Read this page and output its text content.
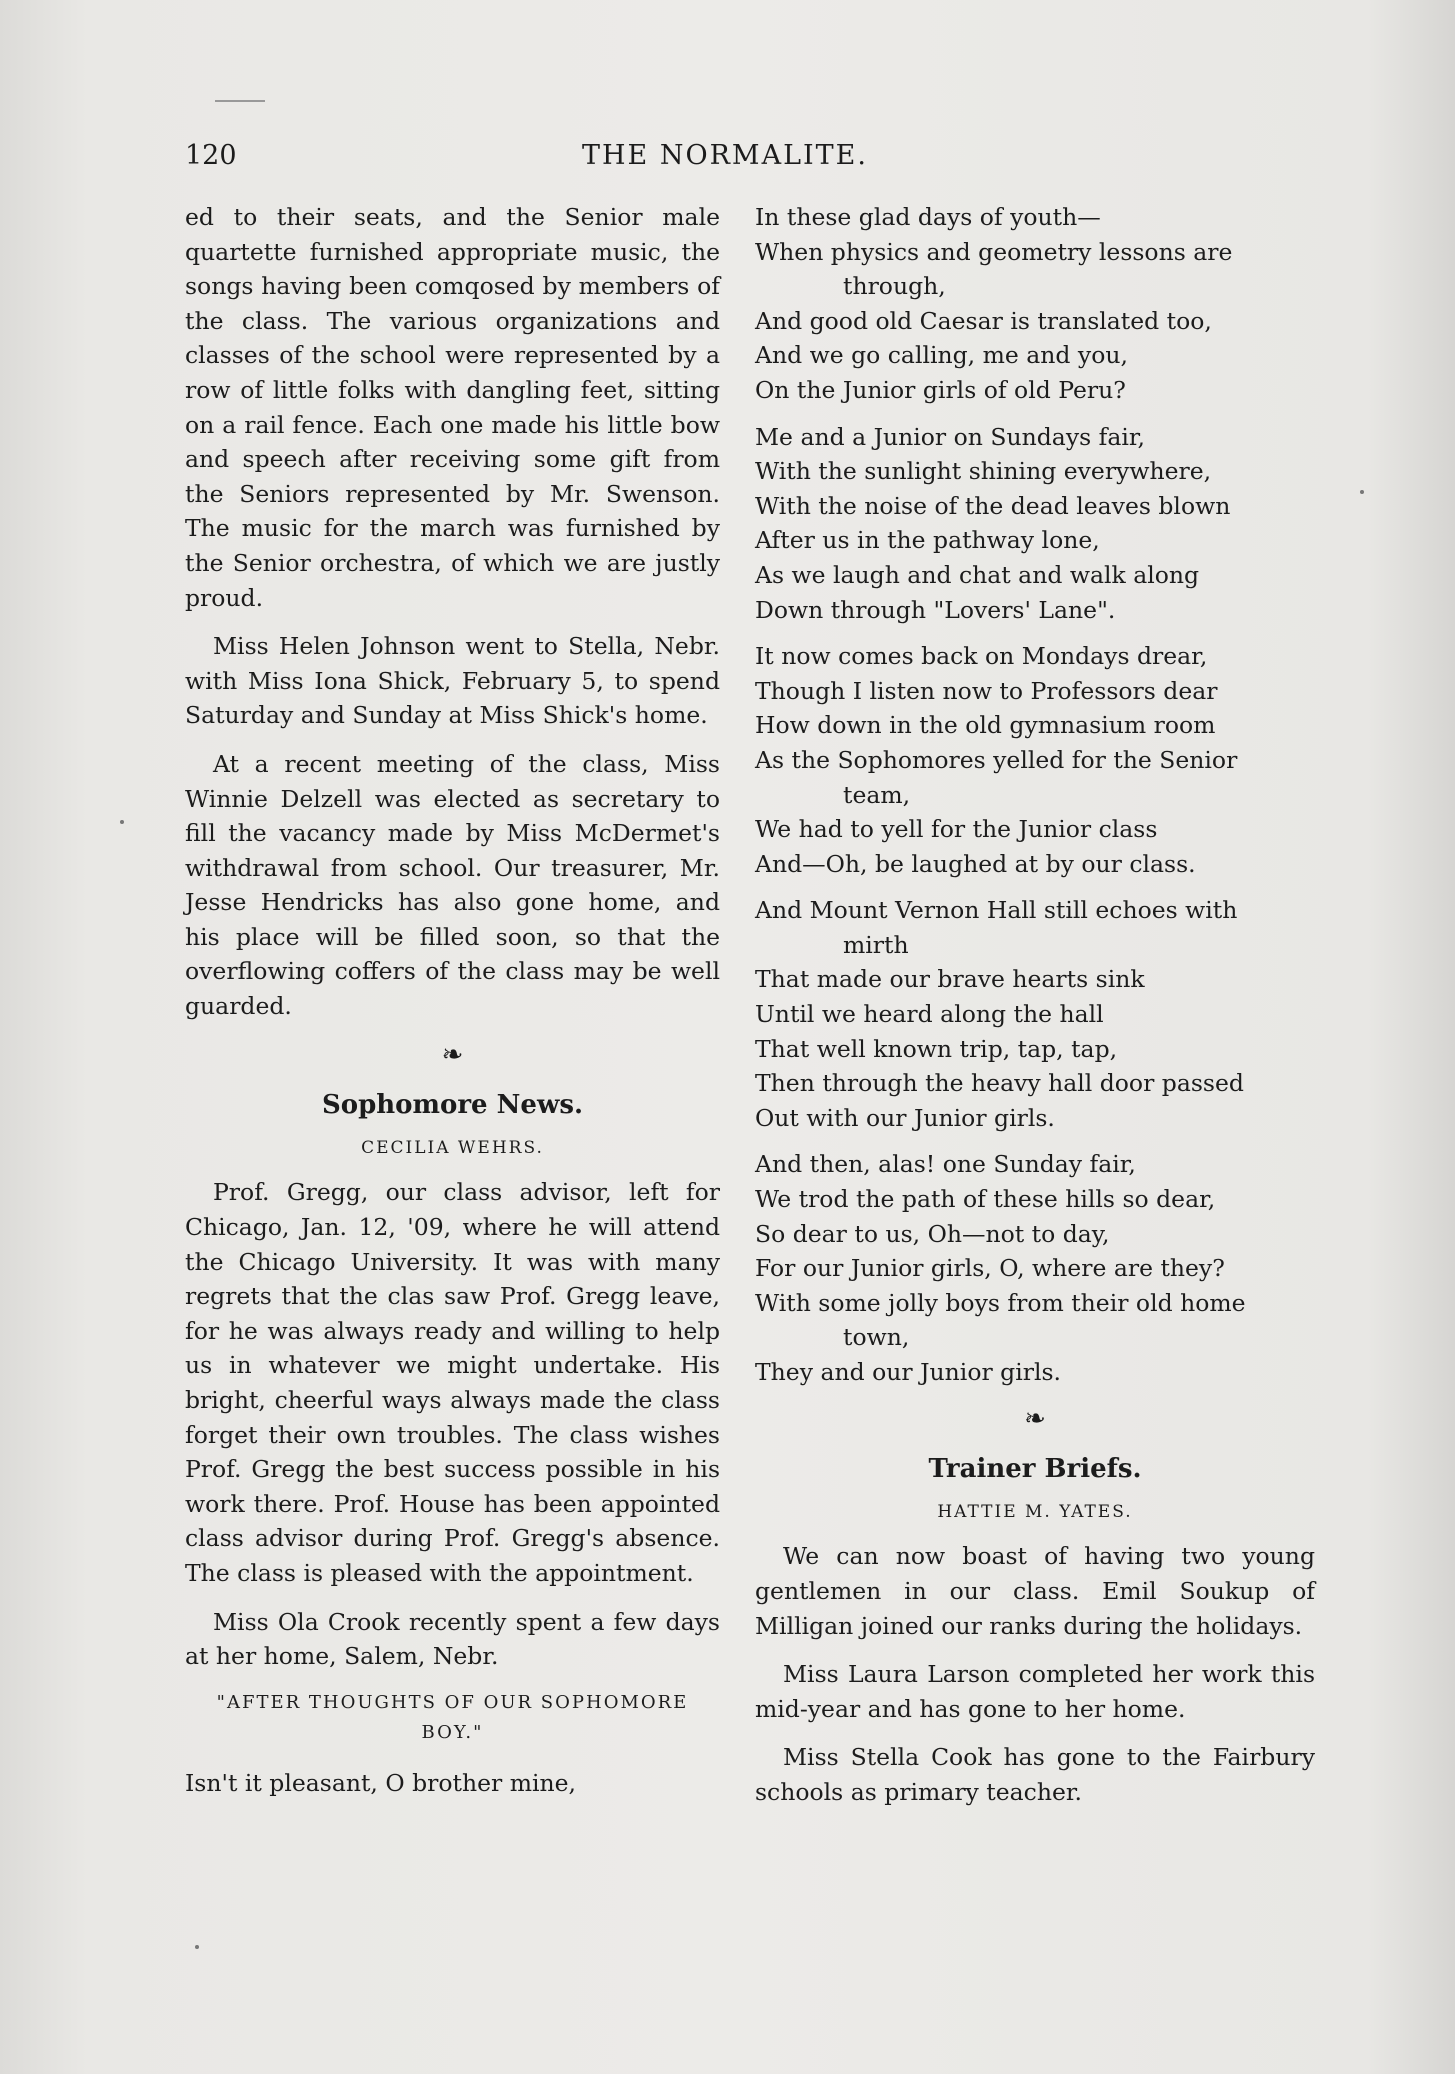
120	THE NORMALITE.

ed to their seats, and the Senior male quartette furnished appropriate music, the songs having been comqosed by members of the class. The various organizations and classes of the school were represented by a row of little folks with dangling feet, sitting on a rail fence. Each one made his little bow and speech after receiving some gift from the Seniors represented by Mr. Swenson. The music for the march was furnished by the Senior orchestra, of which we are justly proud.

Miss Helen Johnson went to Stella, Nebr. with Miss Iona Shick, February 5, to spend Saturday and Sunday at Miss Shick's home.

At a recent meeting of the class, Miss Winnie Delzell was elected as secretary to fill the vacancy made by Miss McDermet's withdrawal from school. Our treasurer, Mr. Jesse Hendricks has also gone home, and his place will be filled soon, so that the overflowing coffers of the class may be well guarded.

❧
Sophomore News.
CECILIA WEHRS.

Prof. Gregg, our class advisor, left for Chicago, Jan. 12, '09, where he will attend the Chicago University. It was with many regrets that the clas saw Prof. Gregg leave, for he was always ready and willing to help us in whatever we might undertake. His bright, cheerful ways always made the class forget their own troubles. The class wishes Prof. Gregg the best success possible in his work there. Prof. House has been appointed class advisor during Prof. Gregg's absence. The class is pleased with the appointment.

Miss Ola Crook recently spent a few days at her home, Salem, Nebr.

"AFTER THOUGHTS OF OUR SOPHOMORE BOY."
Isn't it pleasant, O brother mine,
In these glad days of youth—
When physics and geometry lessons are
through,
And good old Caesar is translated too,
And we go calling, me and you,
On the Junior girls of old Peru?
Me and a Junior on Sundays fair,
With the sunlight shining everywhere,
With the noise of the dead leaves blown
After us in the pathway lone,
As we laugh and chat and walk along
Down through "Lovers' Lane".
It now comes back on Mondays drear,
Though I listen now to Professors dear
How down in the old gymnasium room
As the Sophomores yelled for the Senior
team,
We had to yell for the Junior class
And—Oh, be laughed at by our class.
And Mount Vernon Hall still echoes with
mirth
That made our brave hearts sink
Until we heard along the hall
That well known trip, tap, tap,
Then through the heavy hall door passed
Out with our Junior girls.
And then, alas! one Sunday fair,
We trod the path of these hills so dear,
So dear to us, Oh—not to day,
For our Junior girls, O, where are they?
With some jolly boys from their old home
town,
They and our Junior girls.
❧
Trainer Briefs.
HATTIE M. YATES.

We can now boast of having two young gentlemen in our class. Emil Soukup of Milligan joined our ranks during the holidays.

Miss Laura Larson completed her work this mid-year and has gone to her home.

Miss Stella Cook has gone to the Fairbury schools as primary teacher.
